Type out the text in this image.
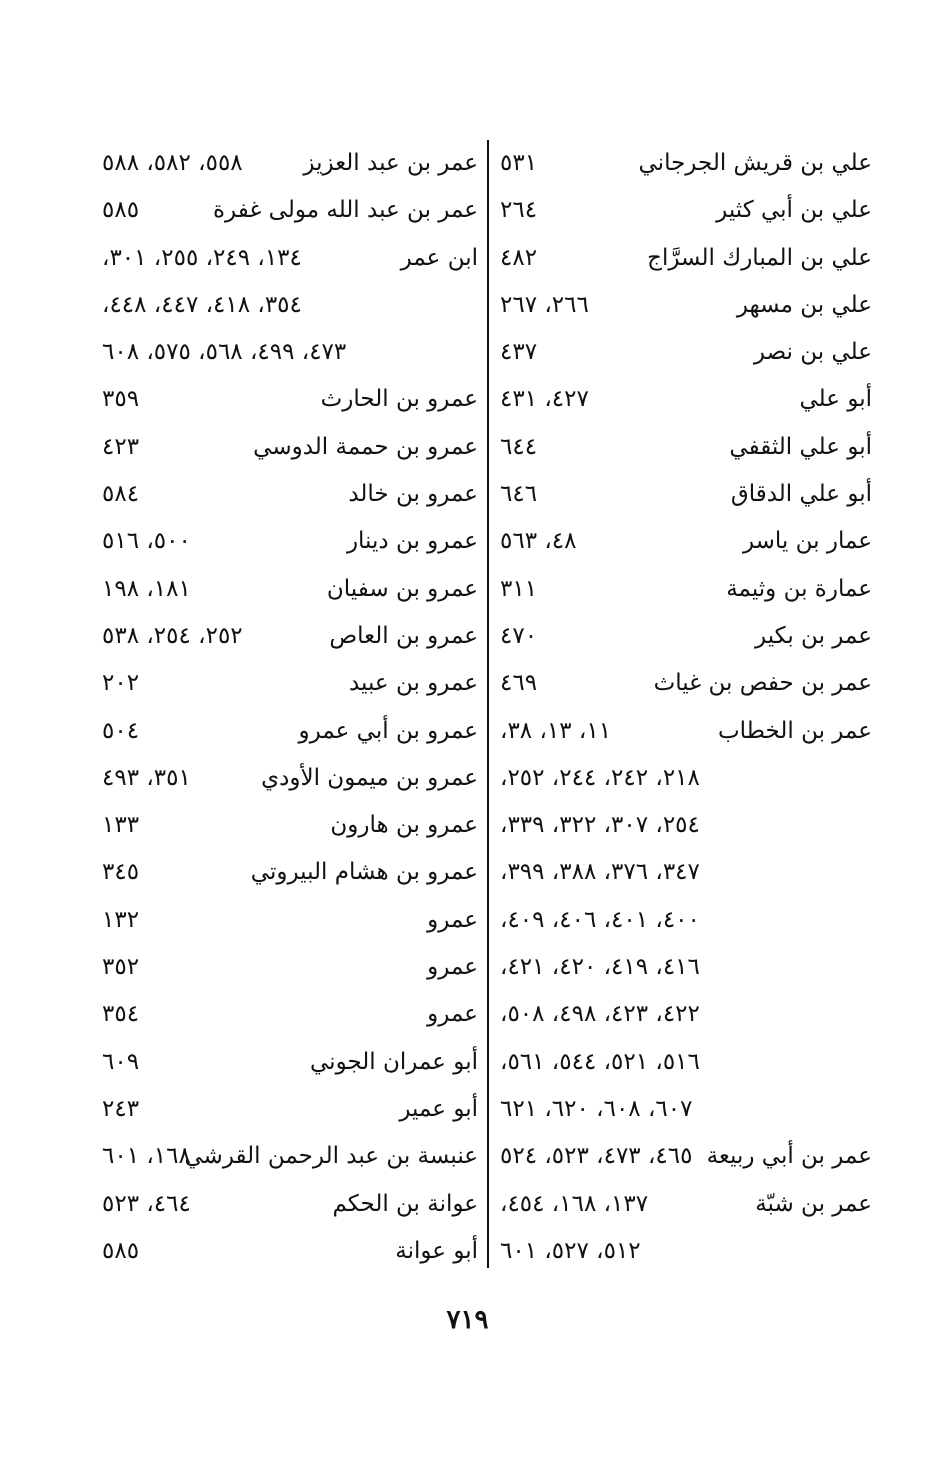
علي بن قريش الجرجاني
٥٣١
علي بن أبي كثير
٢٦٤
علي بن المبارك السرَّاج
٤٨٢
علي بن مسهر
٢٦٦، ٢٦٧
علي بن نصر
٤٣٧
أبو علي
٤٢٧، ٤٣١
أبو علي الثقفي
٦٤٤
أبو علي الدقاق
٦٤٦
عمار بن ياسر
٤٨، ٥٦٣
عمارة بن وثيمة
٣١١
عمر بن بكير
٤٧٠
عمر بن حفص بن غياث
٤٦٩
عمر بن الخطاب
١١، ١٣، ٣٨،
٢١٨، ٢٤٢، ٢٤٤، ٢٥٢،
٢٥٤، ٣٠٧، ٣٢٢، ٣٣٩،
٣٤٧، ٣٧٦، ٣٨٨، ٣٩٩،
٤٠٠، ٤٠١، ٤٠٦، ٤٠٩،
٤١٦، ٤١٩، ٤٢٠، ٤٢١،
٤٢٢، ٤٢٣، ٤٩٨، ٥٠٨،
٥١٦، ٥٢١، ٥٤٤، ٥٦١،
٦٠٧، ٦٠٨، ٦٢٠، ٦٢١
عمر بن أبي ربيعة
٤٦٥، ٤٧٣، ٥٢٣، ٥٢٤
عمر بن شبّة
١٣٧، ١٦٨، ٤٥٤،
٥١٢، ٥٢٧، ٦٠١
عمر بن عبد العزيز
٥٥٨، ٥٨٢، ٥٨٨
عمر بن عبد الله مولى غفرة
٥٨٥
ابن عمر
١٣٤، ٢٤٩، ٢٥٥، ٣٠١،
٣٥٤، ٤١٨، ٤٤٧، ٤٤٨،
٤٧٣، ٤٩٩، ٥٦٨، ٥٧٥، ٦٠٨
عمرو بن الحارث
٣٥٩
عمرو بن حممة الدوسي
٤٢٣
عمرو بن خالد
٥٨٤
عمرو بن دينار
٥٠٠، ٥١٦
عمرو بن سفيان
١٨١، ١٩٨
عمرو بن العاص
٢٥٢، ٢٥٤، ٥٣٨
عمرو بن عبيد
٢٠٢
عمرو بن أبي عمرو
٥٠٤
عمرو بن ميمون الأودي
٣٥١، ٤٩٣
عمرو بن هارون
١٣٣
عمرو بن هشام البيروتي
٣٤٥
عمرو
١٣٢
عمرو
٣٥٢
عمرو
٣٥٤
أبو عمران الجوني
٦٠٩
أبو عمير
٢٤٣
عنبسة بن عبد الرحمن القرشي
١٦٨، ٦٠١
عوانة بن الحكم
٤٦٤، ٥٢٣
أبو عوانة
٥٨٥
٧١٩
